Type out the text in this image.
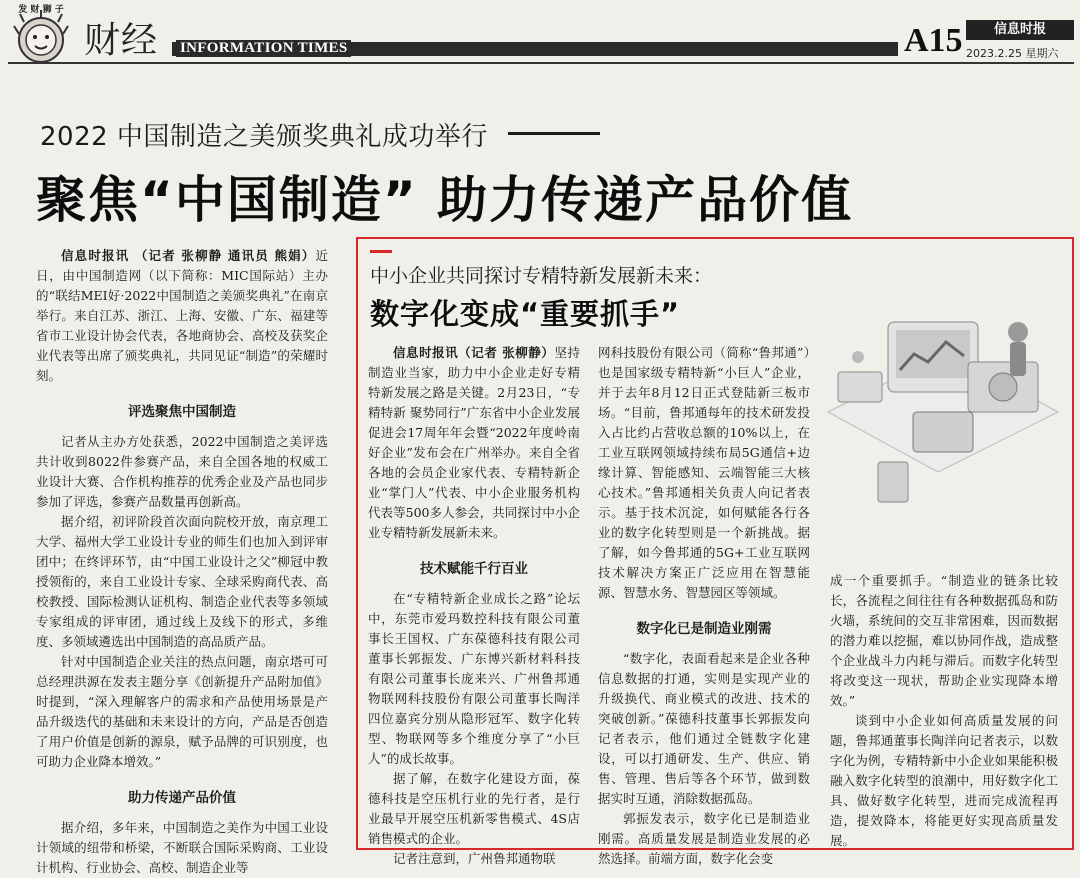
发 财 狮 子
财经 INFORMATION TIMES	A15	信息时报
2023.2.25 星期六
2022 中国制造之美颁奖典礼成功举行
聚焦“中国制造” 助力传递产品价值

信息时报讯 （记者 张柳静 通讯员 熊娟）近日，由中国制造网（以下简称：MIC国际站）主办的“联结MEI好·2022中国制造之美颁奖典礼”在南京举行。来自江苏、浙江、上海、安徽、广东、福建等省市工业设计协会代表，各地商协会、高校及获奖企业代表等出席了颁奖典礼，共同见证“制造”的荣耀时刻。

评选聚焦中国制造

记者从主办方处获悉，2022中国制造之美评选共计收到8022件参赛产品，来自全国各地的权威工业设计大赛、合作机构推荐的优秀企业及产品也同步参加了评选，参赛产品数量再创新高。

据介绍，初评阶段首次面向院校开放，南京理工大学、福州大学工业设计专业的师生们也加入到评审团中；在终评环节，由“中国工业设计之父”柳冠中教授领衔的，来自工业设计专家、全球采购商代表、高校教授、国际检测认证机构、制造企业代表等多领域专家组成的评审团，通过线上及线下的形式，多维度、多领域遴选出中国制造的高品质产品。

针对中国制造企业关注的热点问题，南京塔可可总经理洪源在发表主题分享《创新提升产品附加值》时提到，“深入理解客户的需求和产品使用场景是产品升级迭代的基础和未来设计的方向，产品是否创造了用户价值是创新的源泉，赋予品牌的可识别度，也可助力企业降本增效。”

助力传递产品价值

据介绍，多年来，中国制造之美作为中国工业设计领域的纽带和桥梁，不断联合国际采购商、工业设计机构、行业协会、高校、制造企业等

中小企业共同探讨专精特新发展新未来：
数字化变成“重要抓手”

信息时报讯（记者 张柳静）坚持制造业当家，助力中小企业走好专精特新发展之路是关键。2月23日，“专精特新 聚势同行”广东省中小企业发展促进会17周年年会暨“2022年度岭南好企业”发布会在广州举办。来自全省各地的会员企业家代表、专精特新企业“掌门人”代表、中小企业服务机构代表等500多人参会，共同探讨中小企业专精特新发展新未来。

技术赋能千行百业

在“专精特新企业成长之路”论坛中，东莞市爱玛数控科技有限公司董事长王国权、广东葆德科技有限公司董事长郭振发、广东博兴新材料科技有限公司董事长庞来兴、广州鲁邦通物联网科技股份有限公司董事长陶洋四位嘉宾分别从隐形冠军、数字化转型、物联网等多个维度分享了“小巨人”的成长故事。

据了解，在数字化建设方面，葆德科技是空压机行业的先行者，是行业最早开展空压机新零售模式、4S店销售模式的企业。

记者注意到，广州鲁邦通物联

网科技股份有限公司（简称“鲁邦通”）也是国家级专精特新“小巨人”企业，并于去年8月12日正式登陆新三板市场。“目前，鲁邦通每年的技术研发投入占比约占营收总额的10%以上，在工业互联网领域持续布局5G通信+边缘计算、智能感知、云端智能三大核心技术。”鲁邦通相关负责人向记者表示。基于技术沉淀，如何赋能各行各业的数字化转型则是一个新挑战。据了解，如今鲁邦通的5G+工业互联网技术解决方案正广泛应用在智慧能源、智慧水务、智慧园区等领域。

数字化已是制造业刚需

“数字化，表面看起来是企业各种信息数据的打通，实则是实现产业的升级换代、商业模式的改进、技术的突破创新。”葆德科技董事长郭振发向记者表示，他们通过全链数字化建设，可以打通研发、生产、供应、销售、管理、售后等各个环节，做到数据实时互通，消除数据孤岛。

郭振发表示，数字化已是制造业刚需。高质量发展是制造业发展的必然选择。前端方面，数字化会变

成一个重要抓手。“制造业的链条比较长，各流程之间往往有各种数据孤岛和防火墙，系统间的交互非常困难，因而数据的潜力难以挖掘，难以协同作战，造成整个企业战斗力内耗与滞后。而数字化转型将改变这一现状，帮助企业实现降本增效。”

谈到中小企业如何高质量发展的问题，鲁邦通董事长陶洋向记者表示，以数字化为例，专精特新中小企业如果能积极融入数字化转型的浪潮中，用好数字化工具、做好数字化转型，进而完成流程再造，提效降本，将能更好实现高质量发展。
